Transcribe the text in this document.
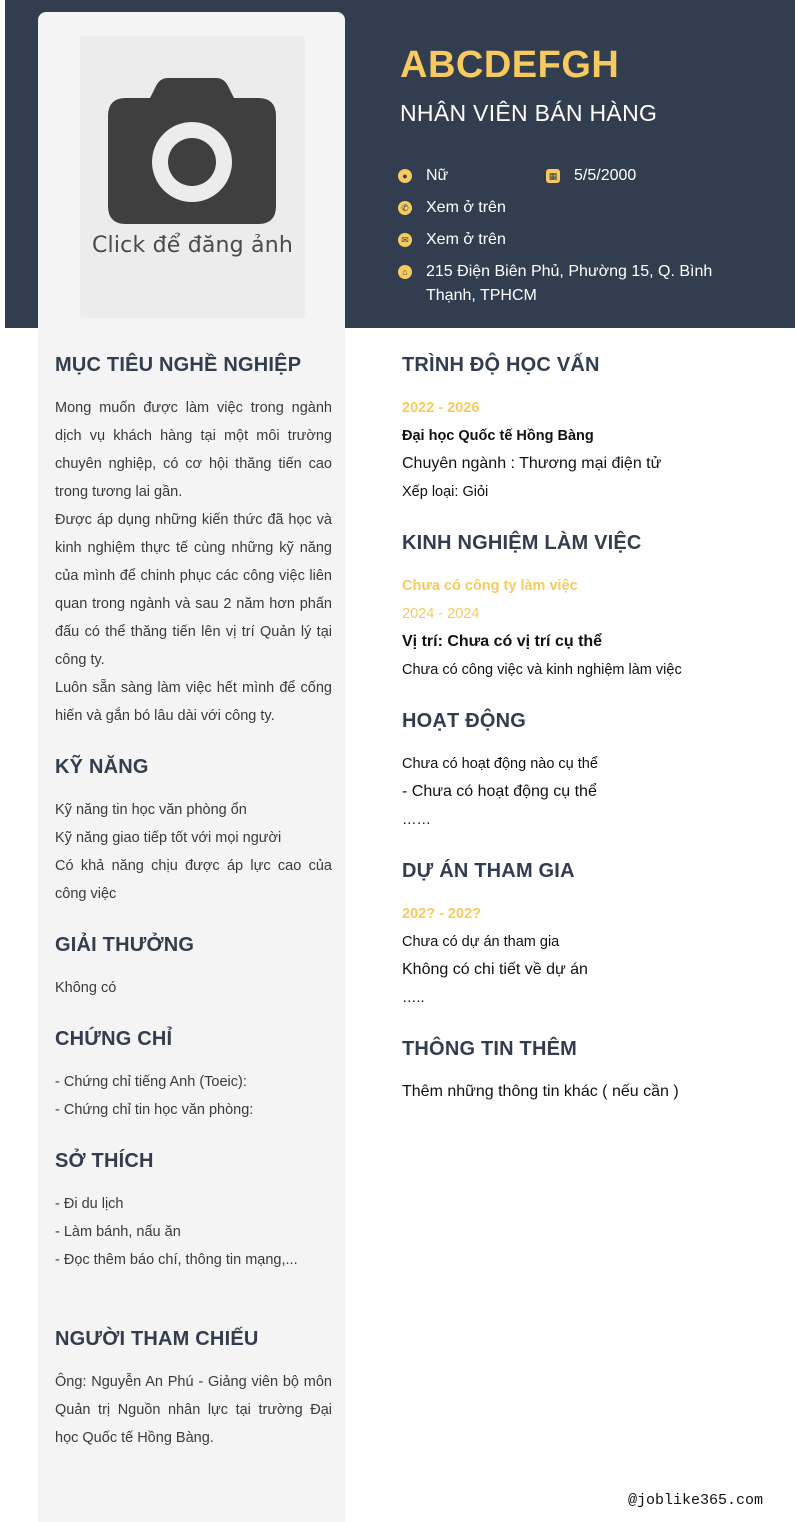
Click để đăng ảnh
ABCDEFGH
NHÂN VIÊN BÁN HÀNG
● Nữ	▦ 5/5/2000
✆ Xem ở trên
✉ Xem ở trên
⌂ 215 Điện Biên Phủ, Phường 15, Q. Bình Thạnh, TPHCM
MỤC TIÊU NGHỀ NGHIỆP

Mong muốn được làm việc trong ngành dịch vụ khách hàng tại một môi trường chuyên nghiệp, có cơ hội thăng tiến cao trong tương lai gần.

Được áp dụng những kiến thức đã học và kinh nghiệm thực tế cùng những kỹ năng của mình để chinh phục các công việc liên quan trong ngành và sau 2 năm hơn phấn đấu có thể thăng tiến lên vị trí Quản lý tại công ty.

Luôn sẵn sàng làm việc hết mình để cống hiến và gắn bó lâu dài với công ty.

KỸ NĂNG

Kỹ năng tin học văn phòng ổn

Kỹ năng giao tiếp tốt với mọi người

Có khả năng chịu được áp lực cao của công việc

GIẢI THƯỞNG

Không có

CHỨNG CHỈ

- Chứng chỉ tiếng Anh (Toeic):

- Chứng chỉ tin học văn phòng:

SỞ THÍCH

- Đi du lịch

- Làm bánh, nấu ăn

- Đọc thêm báo chí, thông tin mạng,...

NGƯỜI THAM CHIẾU

Ông: Nguyễn An Phú - Giảng viên bộ môn Quản trị Nguồn nhân lực tại trường Đại học Quốc tế Hồng Bàng.

TRÌNH ĐỘ HỌC VẤN
2022 - 2026
Đại học Quốc tế Hồng Bàng
Chuyên ngành : Thương mại điện tử
Xếp loại: Giỏi
KINH NGHIỆM LÀM VIỆC
Chưa có công ty làm việc
2024 - 2024
Vị trí: Chưa có vị trí cụ thể
Chưa có công việc và kinh nghiệm làm việc
HOẠT ĐỘNG
Chưa có hoạt động nào cụ thể
- Chưa có hoạt động cụ thể
……
DỰ ÁN THAM GIA
202? - 202?
Chưa có dự án tham gia
Không có chi tiết về dự án
…..
THÔNG TIN THÊM
Thêm những thông tin khác ( nếu cần )
@joblike365.com
